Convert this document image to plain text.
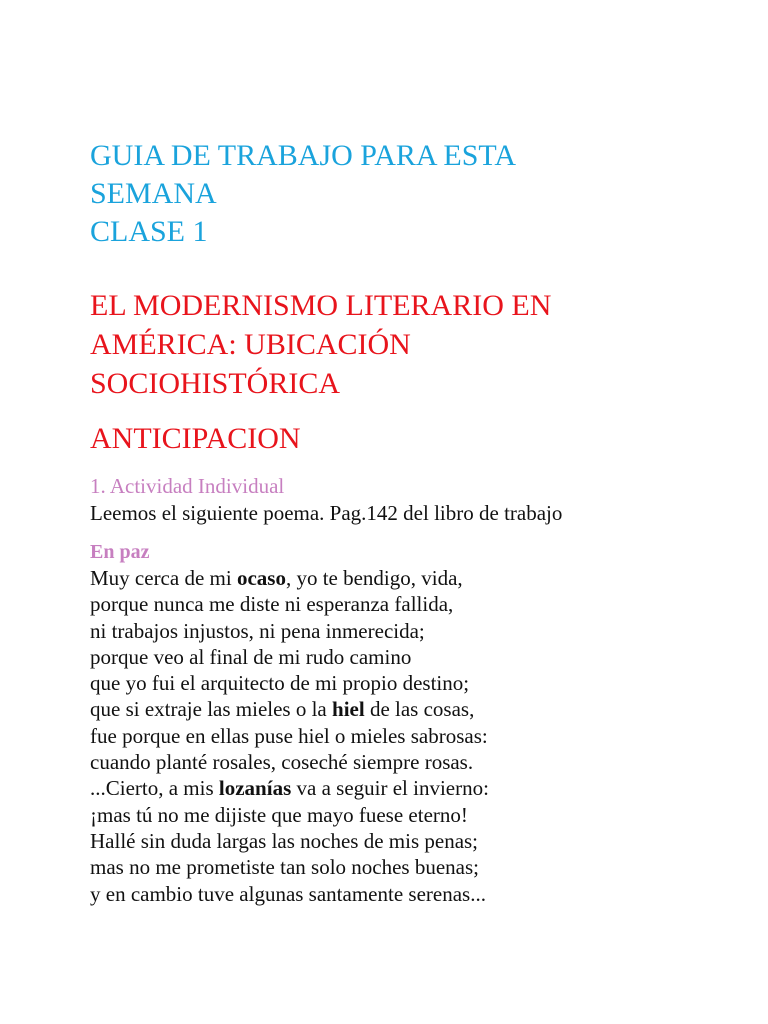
GUIA DE TRABAJO PARA ESTA
SEMANA
CLASE 1
EL MODERNISMO LITERARIO EN
AMÉRICA: UBICACIÓN
SOCIOHISTÓRICA
ANTICIPACION

1. Actividad Individual

Leemos el siguiente poema. Pag.142 del libro de trabajo

En paz

Muy cerca de mi ocaso, yo te bendigo, vida,
porque nunca me diste ni esperanza fallida,
ni trabajos injustos, ni pena inmerecida;
porque veo al final de mi rudo camino
que yo fui el arquitecto de mi propio destino;
que si extraje las mieles o la hiel de las cosas,
fue porque en ellas puse hiel o mieles sabrosas:
cuando planté rosales, coseché siempre rosas.
...Cierto, a mis lozanías va a seguir el invierno:
¡mas tú no me dijiste que mayo fuese eterno!
Hallé sin duda largas las noches de mis penas;
mas no me prometiste tan solo noches buenas;
y en cambio tuve algunas santamente serenas...
